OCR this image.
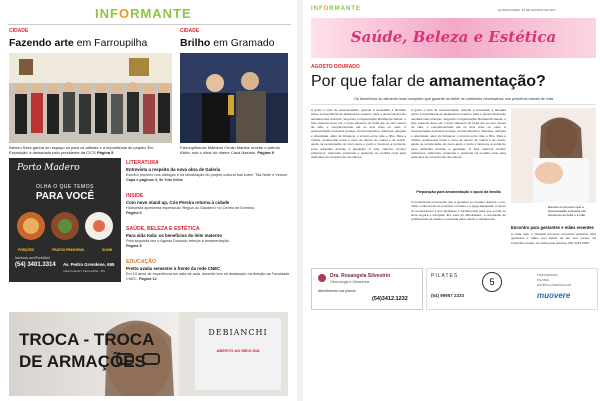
INFORMANTE
CIDADE
Fazendo arte em Farroupilha
Ateneu Sesc ganha um espaço só para os artistas e a importância do projeto 'Em Exposição' é destacada pelo presidente da CICS Página 5
CIDADE
Brilho em Gramado
Farroupilhense Matheus Ceolin Martins recebe o prêmio Kikito, sob o olhar do diretor Cacá Nazario. Página 9
Porto Madero
OLHA O QUE TEMOS
PARA VOCÊ
PORÇÕES	PRATOS PRINCIPAIS	SUSHI
facebook.com/PortoMad
(54) 3401.3314 Av. Pedro Grendene, 655
Volta Grande | Farroupilha - RS
LITERATURA
Entrevista a respeito da nova obra de Galeria
Escritor pioneiro nos diálogos e na idealização do projeto cultural fala sobre 'Tita Noite e Versos'
Capa e páginas 3, 9e 'Inte Inline
INSIDE
Com novo stand up, Cris Pereira retorna à cidade
Humorista apresenta espetáculo 'Regua do Gaudério' no Centro de Eventos
Página 5
SAÚDE, BELEZA E ESTÉTICA
Para vida toda: os benefícios do leite materno
Pela segunda vez o Agosto Dourado reforça a amamentação.
Página 5
EDUCAÇÃO
Pretto avalia semestre à frente da rede CNEC
Em 10 anos de experiência em sala de aula, docente tem se destacado na direção da Faculdade CNEC. Página 12
TROCA - TROCA
DE ARMAÇÕES
DEBIANCHI
ABERTO AO MEIO DIA
INFORMANTE	QUARTA-FEIRA, 16 DE AGOSTO DE 2017
Saúde, Beleza e Estética
AGOSTO DOURADO
Por que falar de amamentação?
Os benefícios do alimento mais completo que garante ao bebê os nutrientes necessários nos primeiros meses de vida
A gosto é mês de amamentação, quando a sociedade é alertada sobre a importância do aleitamento materno para o desenvolvimento saudável das crianças. Segundo a Organização Mundial da Saúde, o leite materno deve ser o único alimento do bebê até os seis meses de vida, e complementado até os dois anos ou mais. A amamentação exclusiva protege contra infecções, diarreias, alergias e obesidade, além de fortalecer o vínculo entre mãe e filho. Para a mulher, amamentar reduz o risco de câncer de mama e de ovário, ajuda na recuperação do útero após o parto e favorece a perda de peso adquirido durante a gestação. O leite materno contém anticorpos, vitaminas, proteínas e gorduras na medida certa para cada fase do crescimento da criança.
A gosto é mês de amamentação, quando a sociedade é alertada sobre a importância do aleitamento materno para o desenvolvimento saudável das crianças. Segundo a Organização Mundial da Saúde, o leite materno deve ser o único alimento do bebê até os seis meses de vida, e complementado até os dois anos ou mais. A amamentação exclusiva protege contra infecções, diarreias, alergias e obesidade, além de fortalecer o vínculo entre mãe e filho. Para a mulher, amamentar reduz o risco de câncer de mama e de ovário, ajuda na recuperação do útero após o parto e favorece a perda de peso adquirido durante a gestação. O leite materno contém anticorpos, vitaminas, proteínas e gorduras na medida certa para cada fase do crescimento da criança.
Preparação para amamentação e apoio da família
O profissional recomenda que a gestante se prepare durante o pré-natal, conhecendo as posições corretas e a pega adequada. O apoio do companheiro e dos familiares é fundamental para que a mãe se sinta segura e tranquila. Em caso de dificuldades, a orientação de profissionais de saúde é essencial para manter o aleitamento.
Estudos comprovam que a amamentação exclusiva traz benefícios ao bebê e à mãe
Encontro para gestantes e mães recentes
A cada mês, o Hospital promove encontros gratuitos para gestantes e mães com bebês de até seis meses. As inscrições podem ser feitas pelo telefone (54) 3261.6025.
Dra. Rosangela Silvestrin
Ginecologia e Obstetrícia
Atendimento nos planos
(54)3412.1232
PILATES
5
(54) 99957 2333
FISIOTERAPIA
PILATES
ESTÉTICA PARTICULAR
muovere
